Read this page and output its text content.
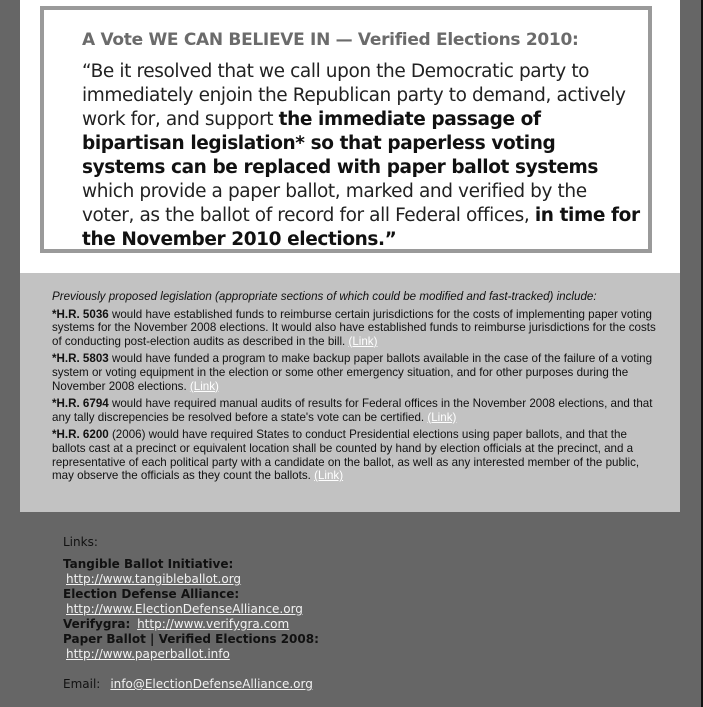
A Vote WE CAN BELIEVE IN — Verified Elections 2010:
“Be it resolved that we call upon the Democratic party to immediately enjoin the Republican party to demand, actively work for, and support the immediate passage of bipartisan legislation* so that paperless voting systems can be replaced with paper ballot systems which provide a paper ballot, marked and verified by the voter, as the ballot of record for all Federal offices, in time for the November 2010 elections.”
Previously proposed legislation (appropriate sections of which could be modified and fast-tracked) include:

*H.R. 5036 would have established funds to reimburse certain jurisdictions for the costs of implementing paper voting systems for the November 2008 elections. It would also have established funds to reimburse jurisdictions for the costs of conducting post-election audits as described in the bill. (Link)

*H.R. 5803 would have funded a program to make backup paper ballots available in the case of the failure of a voting system or voting equipment in the election or some other emergency situation, and for other purposes during the November 2008 elections. (Link)

*H.R. 6794 would have required manual audits of results for Federal offices in the November 2008 elections, and that any tally discrepencies be resolved before a state's vote can be certified. (Link)

*H.R. 6200 (2006) would have required States to conduct Presidential elections using paper ballots, and that the ballots cast at a precinct or equivalent location shall be counted by hand by election officials at the precinct, and a representative of each political party with a candidate on the ballot, as well as any interested member of the public, may observe the officials as they count the ballots. (Link)

Links:
Tangible Ballot Initiative:
http://www.tangibleballot.org
Election Defense Alliance:
http://www.ElectionDefenseAlliance.org
Verifygra: http://www.verifygra.com
Paper Ballot | Verified Elections 2008:
http://www.paperballot.info
Email: info@ElectionDefenseAlliance.org
